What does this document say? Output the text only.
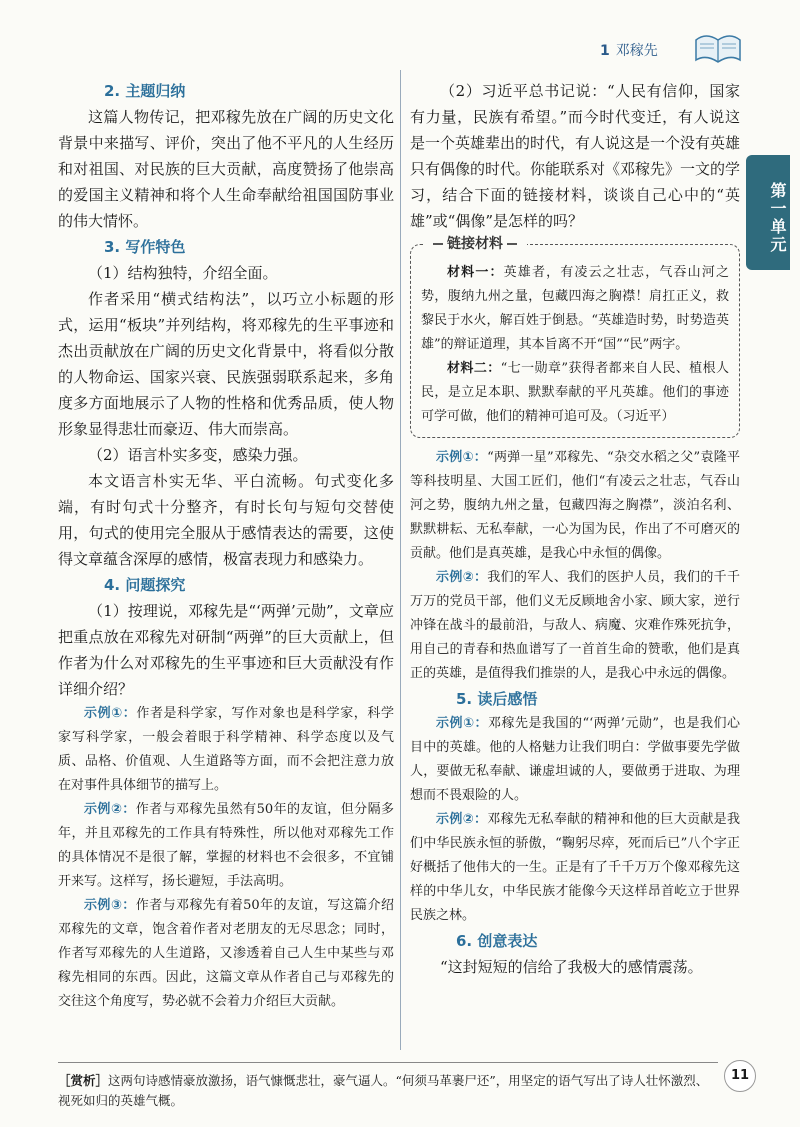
1 邓稼先
第一单元
2. 主题归纳

这篇人物传记，把邓稼先放在广阔的历史文化背景中来描写、评价，突出了他不平凡的人生经历和对祖国、对民族的巨大贡献，高度赞扬了他崇高的爱国主义精神和将个人生命奉献给祖国国防事业的伟大情怀。

3. 写作特色

（1）结构独特，介绍全面。

作者采用“横式结构法”，以巧立小标题的形式，运用“板块”并列结构，将邓稼先的生平事迹和杰出贡献放在广阔的历史文化背景中，将看似分散的人物命运、国家兴衰、民族强弱联系起来，多角度多方面地展示了人物的性格和优秀品质，使人物形象显得悲壮而豪迈、伟大而崇高。

（2）语言朴实多变，感染力强。

本文语言朴实无华、平白流畅。句式变化多端，有时句式十分整齐，有时长句与短句交替使用，句式的使用完全服从于感情表达的需要，这使得文章蕴含深厚的感情，极富表现力和感染力。

4. 问题探究

（1）按理说，邓稼先是“‘两弹’元勋”，文章应把重点放在邓稼先对研制“两弹”的巨大贡献上，但作者为什么对邓稼先的生平事迹和巨大贡献没有作详细介绍？

示例①：作者是科学家，写作对象也是科学家，科学家写科学家，一般会着眼于科学精神、科学态度以及气质、品格、价值观、人生道路等方面，而不会把注意力放在对事件具体细节的描写上。

示例②：作者与邓稼先虽然有50年的友谊，但分隔多年，并且邓稼先的工作具有特殊性，所以他对邓稼先工作的具体情况不是很了解，掌握的材料也不会很多，不宜铺开来写。这样写，扬长避短，手法高明。

示例③：作者与邓稼先有着50年的友谊，写这篇介绍邓稼先的文章，饱含着作者对老朋友的无尽思念；同时，作者写邓稼先的人生道路，又渗透着自己人生中某些与邓稼先相同的东西。因此，这篇文章从作者自己与邓稼先的交往这个角度写，势必就不会着力介绍巨大贡献。

（2）习近平总书记说：“人民有信仰，国家有力量，民族有希望。”而今时代变迁，有人说这是一个英雄辈出的时代，有人说这是一个没有英雄只有偶像的时代。你能联系对《邓稼先》一文的学习，结合下面的链接材料，谈谈自己心中的“英雄”或“偶像”是怎样的吗？

链接材料

材料一：英雄者，有凌云之壮志，气吞山河之势，腹纳九州之量，包藏四海之胸襟！肩扛正义，救黎民于水火，解百姓于倒悬。“英雄造时势，时势造英雄”的辩证道理，其本旨离不开“国”“民”两字。

材料二：“七一勋章”获得者都来自人民、植根人民，是立足本职、默默奉献的平凡英雄。他们的事迹可学可做，他们的精神可追可及。（习近平）

示例①：“两弹一星”邓稼先、“杂交水稻之父”袁隆平等科技明星、大国工匠们，他们“有凌云之壮志，气吞山河之势，腹纳九州之量，包藏四海之胸襟”，淡泊名利、默默耕耘、无私奉献，一心为国为民，作出了不可磨灭的贡献。他们是真英雄，是我心中永恒的偶像。

示例②：我们的军人、我们的医护人员，我们的千千万万的党员干部，他们义无反顾地舍小家、顾大家，逆行冲锋在战斗的最前沿，与敌人、病魔、灾难作殊死抗争，用自己的青春和热血谱写了一首首生命的赞歌，他们是真正的英雄，是值得我们推崇的人，是我心中永远的偶像。

5. 读后感悟

示例①：邓稼先是我国的“‘两弹’元勋”，也是我们心目中的英雄。他的人格魅力让我们明白：学做事要先学做人，要做无私奉献、谦虚坦诚的人，要做勇于进取、为理想而不畏艰险的人。

示例②：邓稼先无私奉献的精神和他的巨大贡献是我们中华民族永恒的骄傲，“鞠躬尽瘁，死而后已”八个字正好概括了他伟大的一生。正是有了千千万万个像邓稼先这样的中华儿女，中华民族才能像今天这样昂首屹立于世界民族之林。

6. 创意表达

“这封短短的信给了我极大的感情震荡。

［赏析］这两句诗感情豪放激扬，语气慷慨悲壮，豪气逼人。“何须马革裹尸还”，用坚定的语气写出了诗人壮怀激烈、视死如归的英雄气概。
11
